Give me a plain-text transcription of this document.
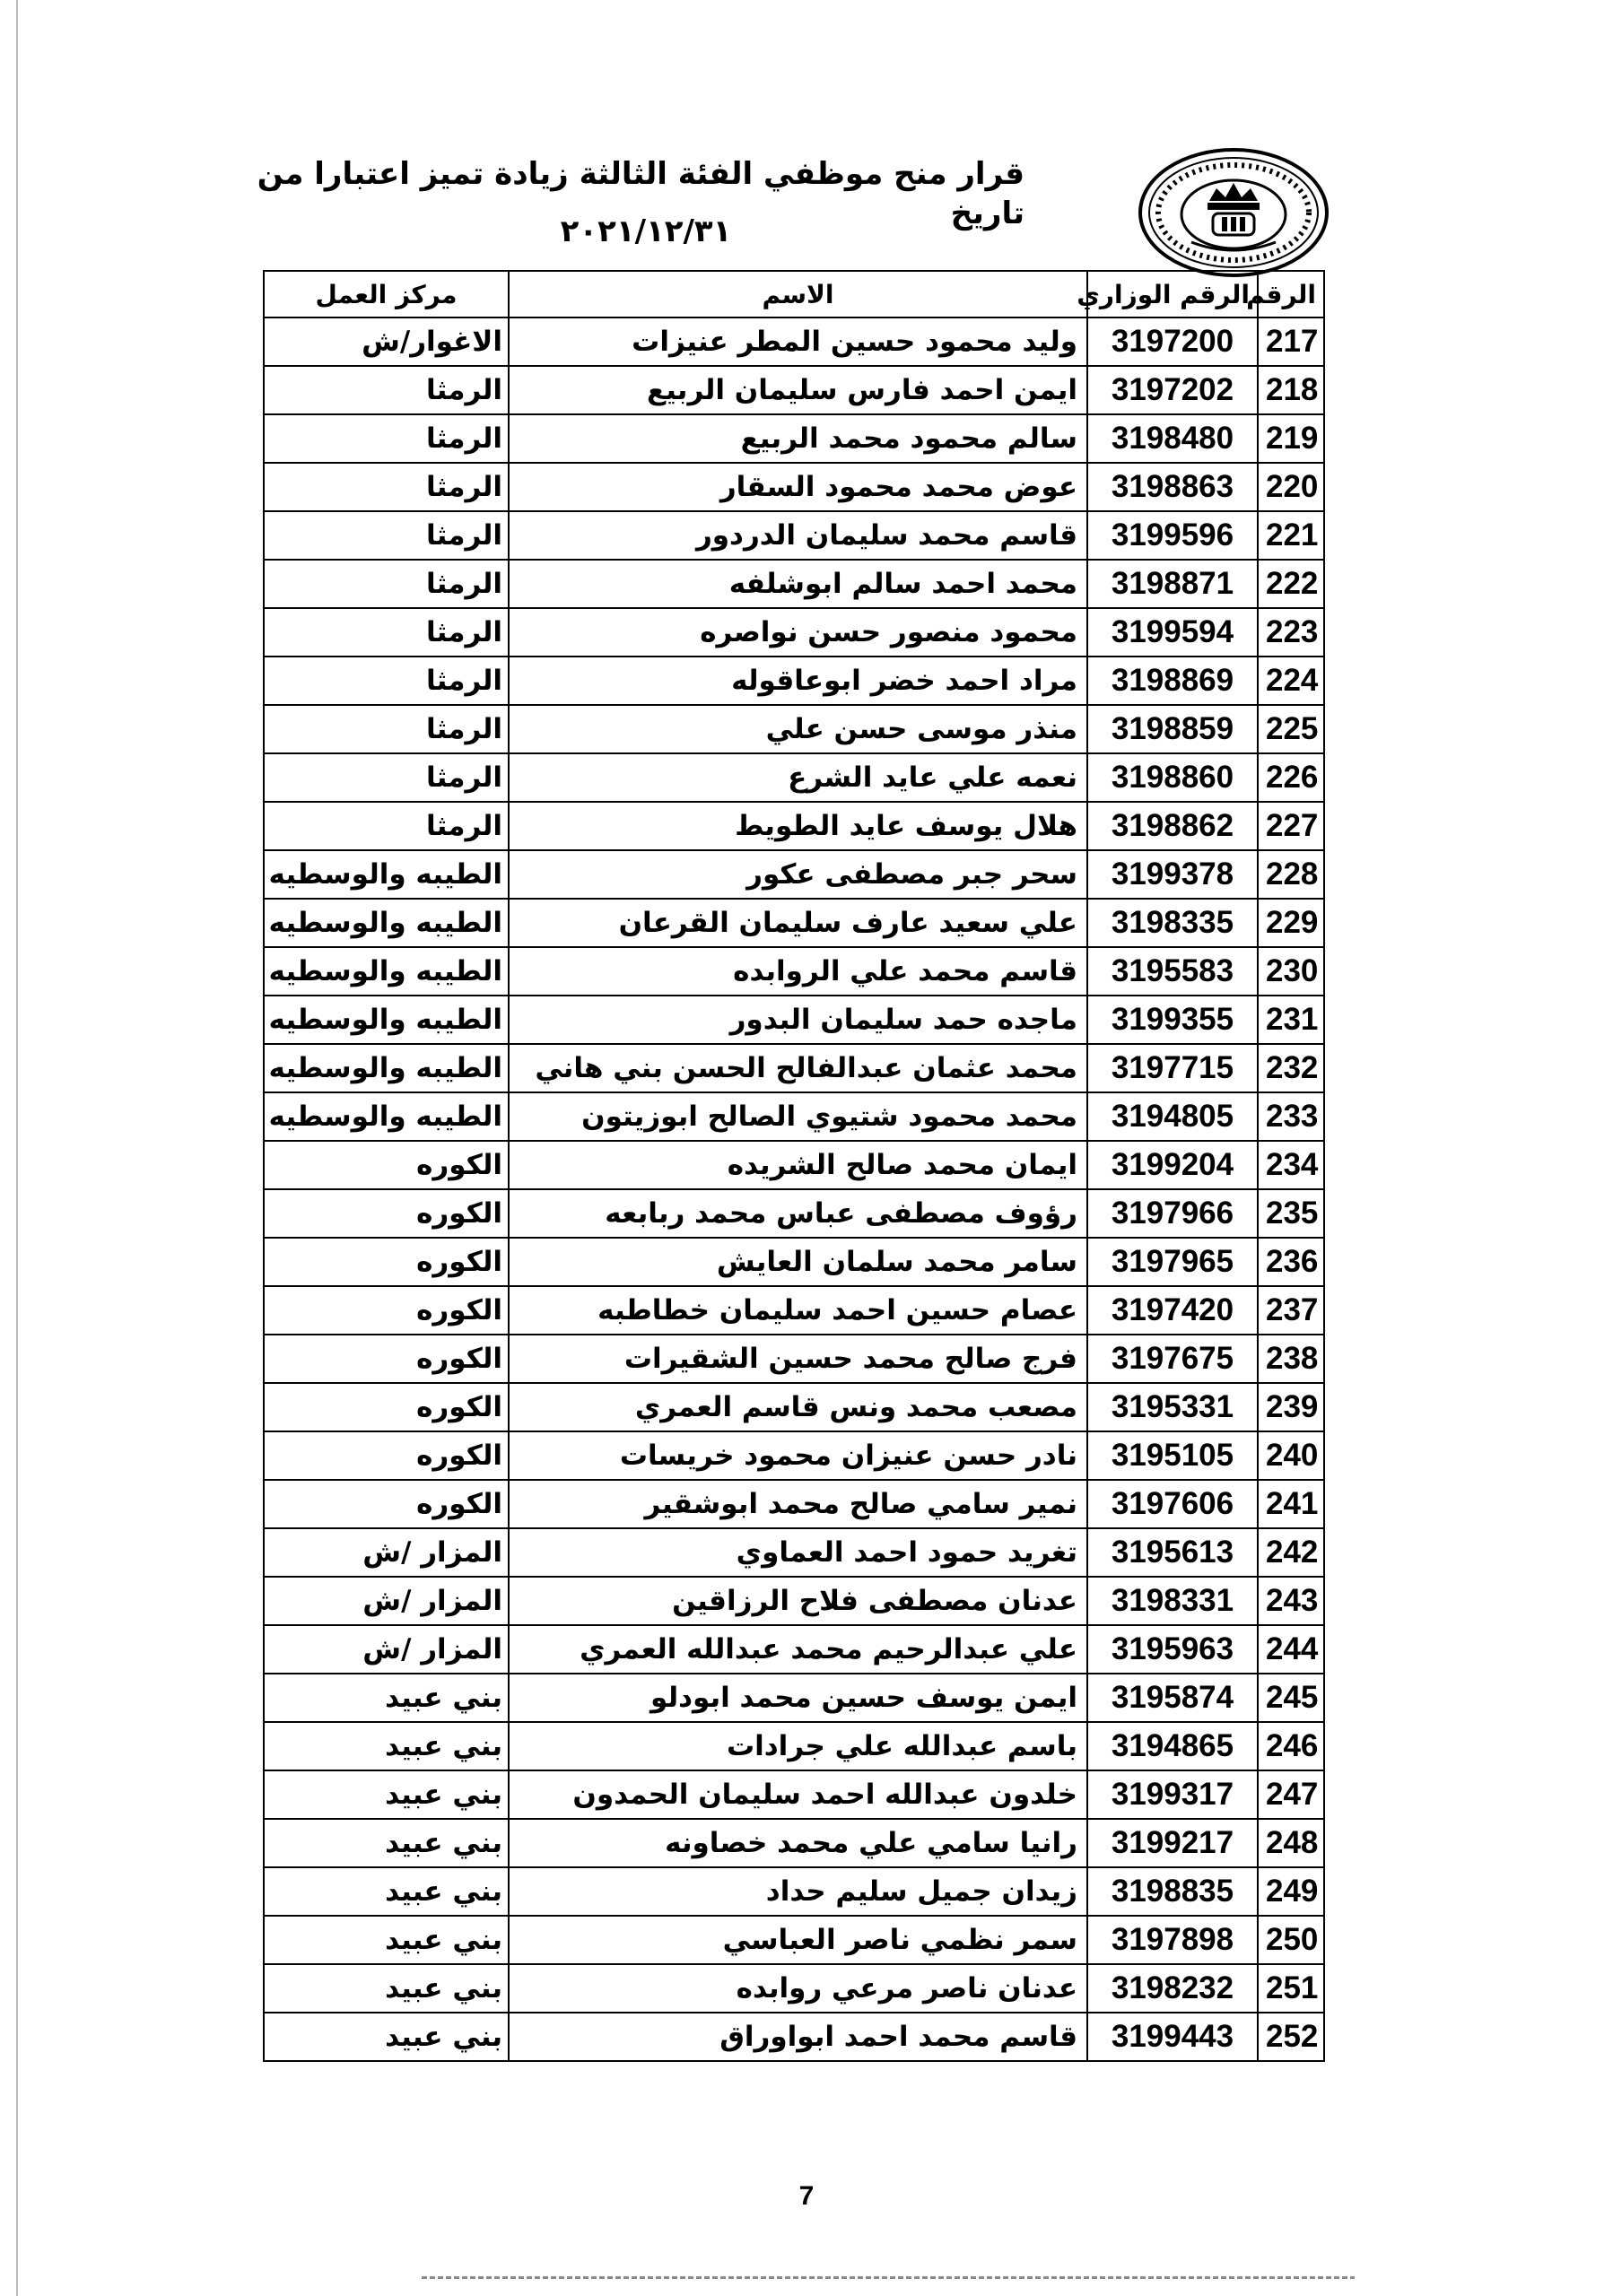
قرار منح موظفي الفئة الثالثة زيادة تميز اعتبارا من تاريخ
٢٠٢١/١٢/٣١
الرقم	الرقم الوزاري	الاسم	مركز العمل
217	3197200	وليد محمود حسين المطر عنيزات	الاغوار/ش
218	3197202	ايمن احمد فارس سليمان الربيع	الرمثا
219	3198480	سالم محمود محمد الربيع	الرمثا
220	3198863	عوض محمد محمود السقار	الرمثا
221	3199596	قاسم محمد سليمان الدردور	الرمثا
222	3198871	محمد احمد سالم ابوشلفه	الرمثا
223	3199594	محمود منصور حسن نواصره	الرمثا
224	3198869	مراد احمد خضر ابوعاقوله	الرمثا
225	3198859	منذر موسى حسن علي	الرمثا
226	3198860	نعمه علي عايد الشرع	الرمثا
227	3198862	هلال يوسف عايد الطويط	الرمثا
228	3199378	سحر جبر مصطفى عكور	الطيبه والوسطيه
229	3198335	علي سعيد عارف سليمان القرعان	الطيبه والوسطيه
230	3195583	قاسم محمد علي الروابده	الطيبه والوسطيه
231	3199355	ماجده حمد سليمان البدور	الطيبه والوسطيه
232	3197715	محمد عثمان عبدالفالح الحسن بني هاني	الطيبه والوسطيه
233	3194805	محمد محمود شتيوي الصالح ابوزيتون	الطيبه والوسطيه
234	3199204	ايمان محمد صالح الشريده	الكوره
235	3197966	رؤوف مصطفى عباس محمد ربابعه	الكوره
236	3197965	سامر محمد سلمان العايش	الكوره
237	3197420	عصام حسين احمد سليمان خطاطبه	الكوره
238	3197675	فرج صالح محمد حسين الشقيرات	الكوره
239	3195331	مصعب محمد ونس قاسم العمري	الكوره
240	3195105	نادر حسن عنيزان محمود خريسات	الكوره
241	3197606	نمير سامي صالح محمد ابوشقير	الكوره
242	3195613	تغريد حمود احمد العماوي	المزار /ش
243	3198331	عدنان مصطفى فلاح الرزاقين	المزار /ش
244	3195963	علي عبدالرحيم محمد عبدالله العمري	المزار /ش
245	3195874	ايمن يوسف حسين محمد ابودلو	بني عبيد
246	3194865	باسم عبدالله علي جرادات	بني عبيد
247	3199317	خلدون عبدالله احمد سليمان الحمدون	بني عبيد
248	3199217	رانيا سامي علي محمد خصاونه	بني عبيد
249	3198835	زيدان جميل سليم حداد	بني عبيد
250	3197898	سمر نظمي ناصر العباسي	بني عبيد
251	3198232	عدنان ناصر مرعي روابده	بني عبيد
252	3199443	قاسم محمد احمد ابواوراق	بني عبيد
7
